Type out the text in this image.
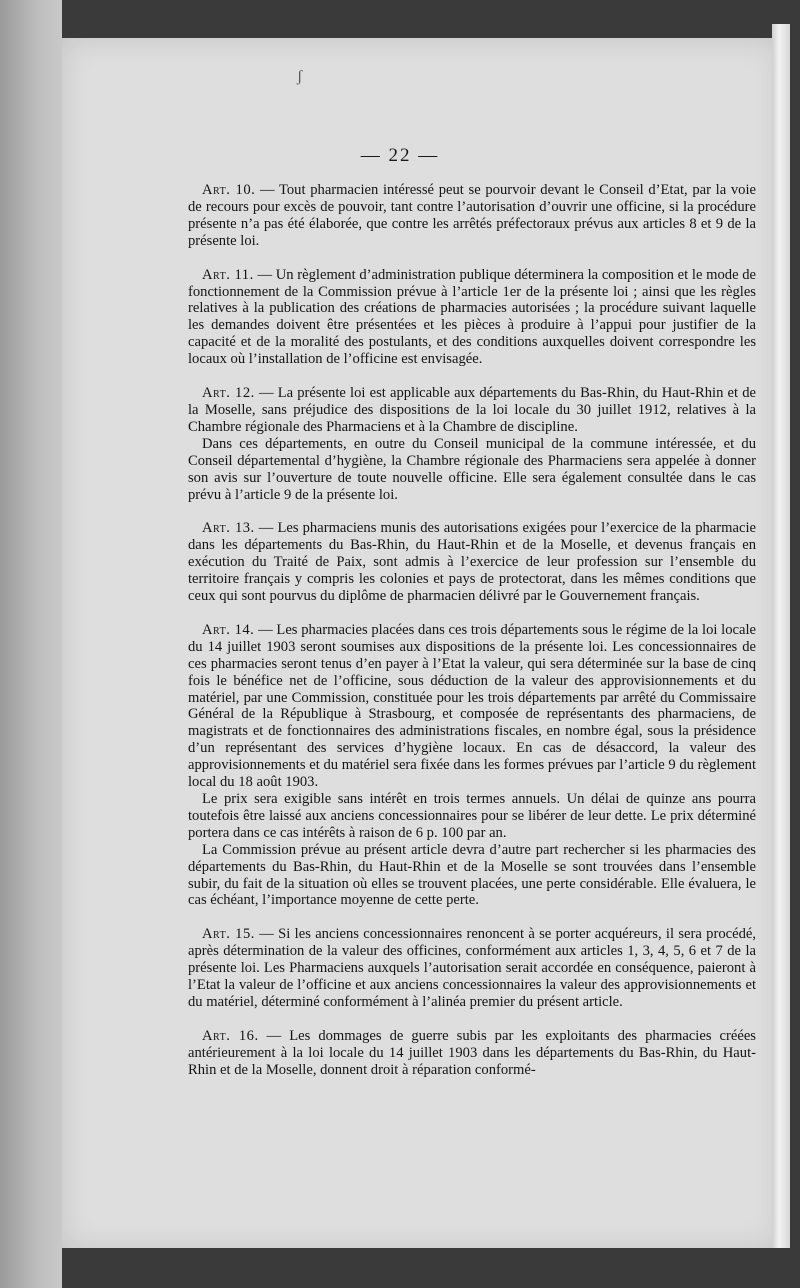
ʃ
— 22 —

Art. 10. — Tout pharmacien intéressé peut se pourvoir devant le Conseil d’Etat, par la voie de recours pour excès de pouvoir, tant contre l’autorisation d’ouvrir une officine, si la procédure présente n’a pas été élaborée, que contre les arrêtés préfectoraux prévus aux articles 8 et 9 de la présente loi.

Art. 11. — Un règlement d’administration publique déterminera la composition et le mode de fonctionnement de la Commission prévue à l’article 1er de la présente loi ; ainsi que les règles relatives à la publication des créations de pharmacies autorisées ; la procédure suivant laquelle les demandes doivent être présentées et les pièces à produire à l’appui pour justifier de la capacité et de la moralité des postulants, et des conditions auxquelles doivent correspondre les locaux où l’installation de l’officine est envisagée.

Art. 12. — La présente loi est applicable aux départements du Bas-Rhin, du Haut-Rhin et de la Moselle, sans préjudice des dispositions de la loi locale du 30 juillet 1912, relatives à la Chambre régionale des Pharmaciens et à la Chambre de discipline.

Dans ces départements, en outre du Conseil municipal de la commune intéressée, et du Conseil départemental d’hygiène, la Chambre régionale des Pharmaciens sera appelée à donner son avis sur l’ouverture de toute nouvelle officine. Elle sera également consultée dans le cas prévu à l’article 9 de la présente loi.

Art. 13. — Les pharmaciens munis des autorisations exigées pour l’exercice de la pharmacie dans les départements du Bas-Rhin, du Haut-Rhin et de la Moselle, et devenus français en exécution du Traité de Paix, sont admis à l’exercice de leur profession sur l’ensemble du territoire français y compris les colonies et pays de protectorat, dans les mêmes conditions que ceux qui sont pourvus du diplôme de pharmacien délivré par le Gouvernement français.

Art. 14. — Les pharmacies placées dans ces trois départements sous le régime de la loi locale du 14 juillet 1903 seront soumises aux dispositions de la présente loi. Les concessionnaires de ces pharmacies seront tenus d’en payer à l’Etat la valeur, qui sera déterminée sur la base de cinq fois le bénéfice net de l’officine, sous déduction de la valeur des approvisionnements et du matériel, par une Commission, constituée pour les trois départements par arrêté du Commissaire Général de la République à Strasbourg, et composée de représentants des pharmaciens, de magistrats et de fonctionnaires des administrations fiscales, en nombre égal, sous la présidence d’un représentant des services d’hygiène locaux. En cas de désaccord, la valeur des approvisionnements et du matériel sera fixée dans les formes prévues par l’article 9 du règlement local du 18 août 1903.

Le prix sera exigible sans intérêt en trois termes annuels. Un délai de quinze ans pourra toutefois être laissé aux anciens concessionnaires pour se libérer de leur dette. Le prix déterminé portera dans ce cas intérêts à raison de 6 p. 100 par an.

La Commission prévue au présent article devra d’autre part rechercher si les pharmacies des départements du Bas-Rhin, du Haut-Rhin et de la Moselle se sont trouvées dans l’ensemble subir, du fait de la situation où elles se trouvent placées, une perte considérable. Elle évaluera, le cas échéant, l’importance moyenne de cette perte.

Art. 15. — Si les anciens concessionnaires renoncent à se porter acquéreurs, il sera procédé, après détermination de la valeur des officines, conformément aux articles 1, 3, 4, 5, 6 et 7 de la présente loi. Les Pharmaciens auxquels l’autorisation serait accordée en conséquence, paieront à l’Etat la valeur de l’officine et aux anciens concessionnaires la valeur des approvisionnements et du matériel, déterminé conformément à l’alinéa premier du présent article.

Art. 16. — Les dommages de guerre subis par les exploitants des pharmacies créées antérieurement à la loi locale du 14 juillet 1903 dans les départements du Bas-Rhin, du Haut-Rhin et de la Moselle, donnent droit à réparation conformé-
